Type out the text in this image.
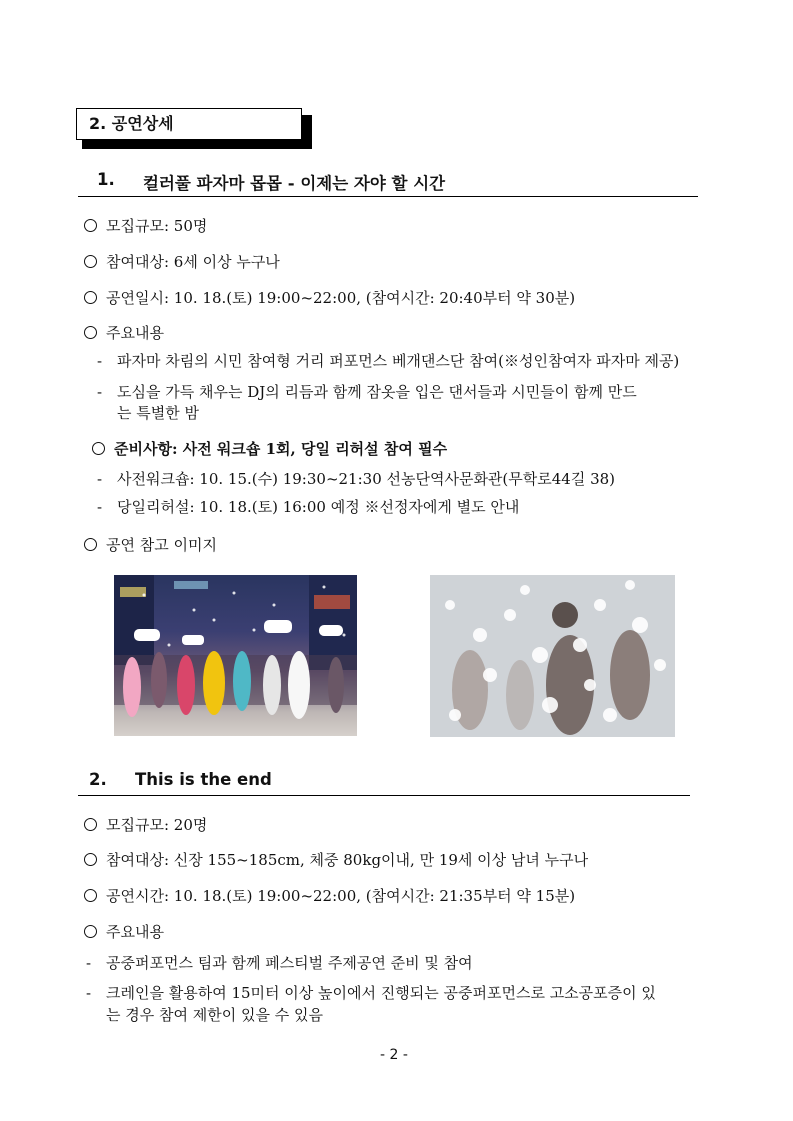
2. 공연상세
1. 컬러풀 파자마 몹몹 - 이제는 자야 할 시간
모집규모: 50명
참여대상: 6세 이상 누구나
공연일시: 10. 18.(토) 19:00~22:00, (참여시간: 20:40부터 약 30분)
주요내용
- 파자마 차림의 시민 참여형 거리 퍼포먼스 베개댄스단 참여(※성인참여자 파자마 제공)
- 도심을 가득 채우는 DJ의 리듬과 함께 잠옷을 입은 댄서들과 시민들이 함께 만드
는 특별한 밤
준비사항: 사전 워크숍 1회, 당일 리허설 참여 필수
- 사전워크숍: 10. 15.(수) 19:30~21:30 선농단역사문화관(무학로44길 38)
- 당일리허설: 10. 18.(토) 16:00 예정 ※선정자에게 별도 안내
공연 참고 이미지
2. This is the end
모집규모: 20명
참여대상: 신장 155~185cm, 체중 80kg이내, 만 19세 이상 남녀 누구나
공연시간: 10. 18.(토) 19:00~22:00, (참여시간: 21:35부터 약 15분)
주요내용
- 공중퍼포먼스 팀과 함께 페스티벌 주제공연 준비 및 참여
- 크레인을 활용하여 15미터 이상 높이에서 진행되는 공중퍼포먼스로 고소공포증이 있
는 경우 참여 제한이 있을 수 있음
- 2 -
